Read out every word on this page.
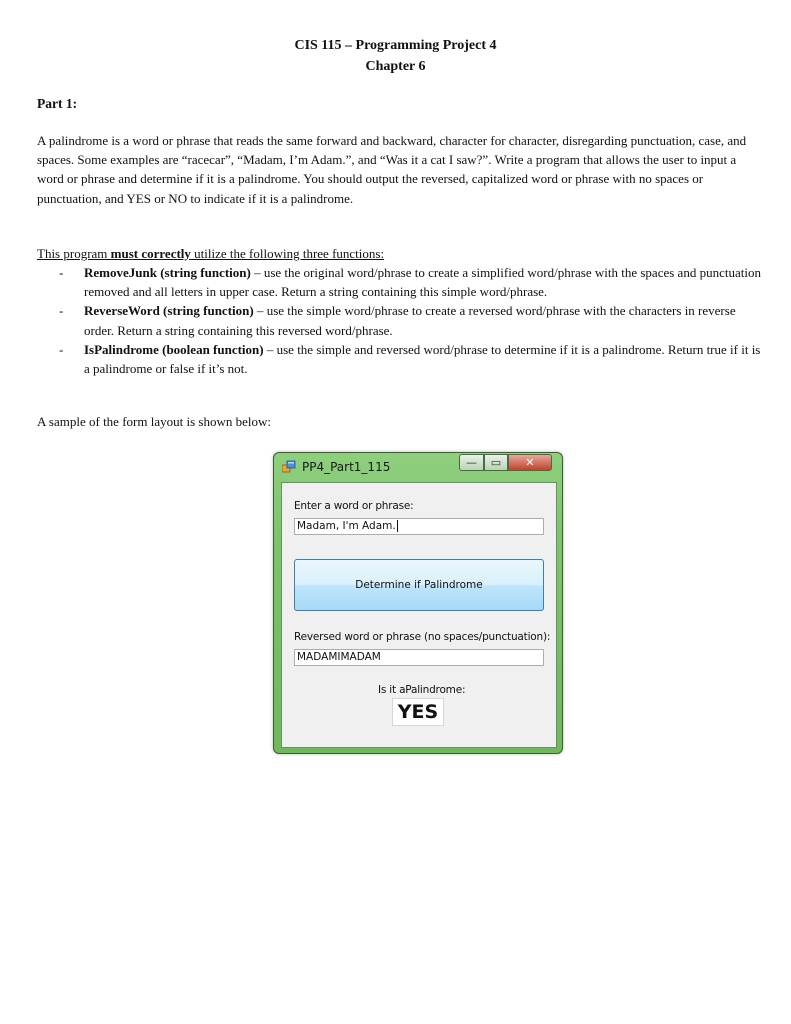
CIS 115 – Programming Project 4
Chapter 6
Part 1:

A palindrome is a word or phrase that reads the same forward and backward, character for character, disregarding punctuation, case, and spaces. Some examples are “racecar”, “Madam, I’m Adam.”, and “Was it a cat I saw?”. Write a program that allows the user to input a word or phrase and determine if it is a palindrome. You should output the reversed, capitalized word or phrase with no spaces or punctuation, and YES or NO to indicate if it is a palindrome.

This program must correctly utilize the following three functions:

- RemoveJunk (string function) – use the original word/phrase to create a simplified word/phrase with the spaces and punctuation removed and all letters in upper case. Return a string containing this simple word/phrase.
- ReverseWord (string function) – use the simple word/phrase to create a reversed word/phrase with the characters in reverse order. Return a string containing this reversed word/phrase.
- IsPalindrome (boolean function) – use the simple and reversed word/phrase to determine if it is a palindrome. Return true if it is a palindrome or false if it’s not.
A sample of the form layout is shown below:
PP4_Part1_115	—	▭	✕
Enter a word or phrase:
Madam, I'm Adam.
Determine if Palindrome
Reversed word or phrase (no spaces/punctuation):
MADAMIMADAM
Is it aPalindrome:
YES
